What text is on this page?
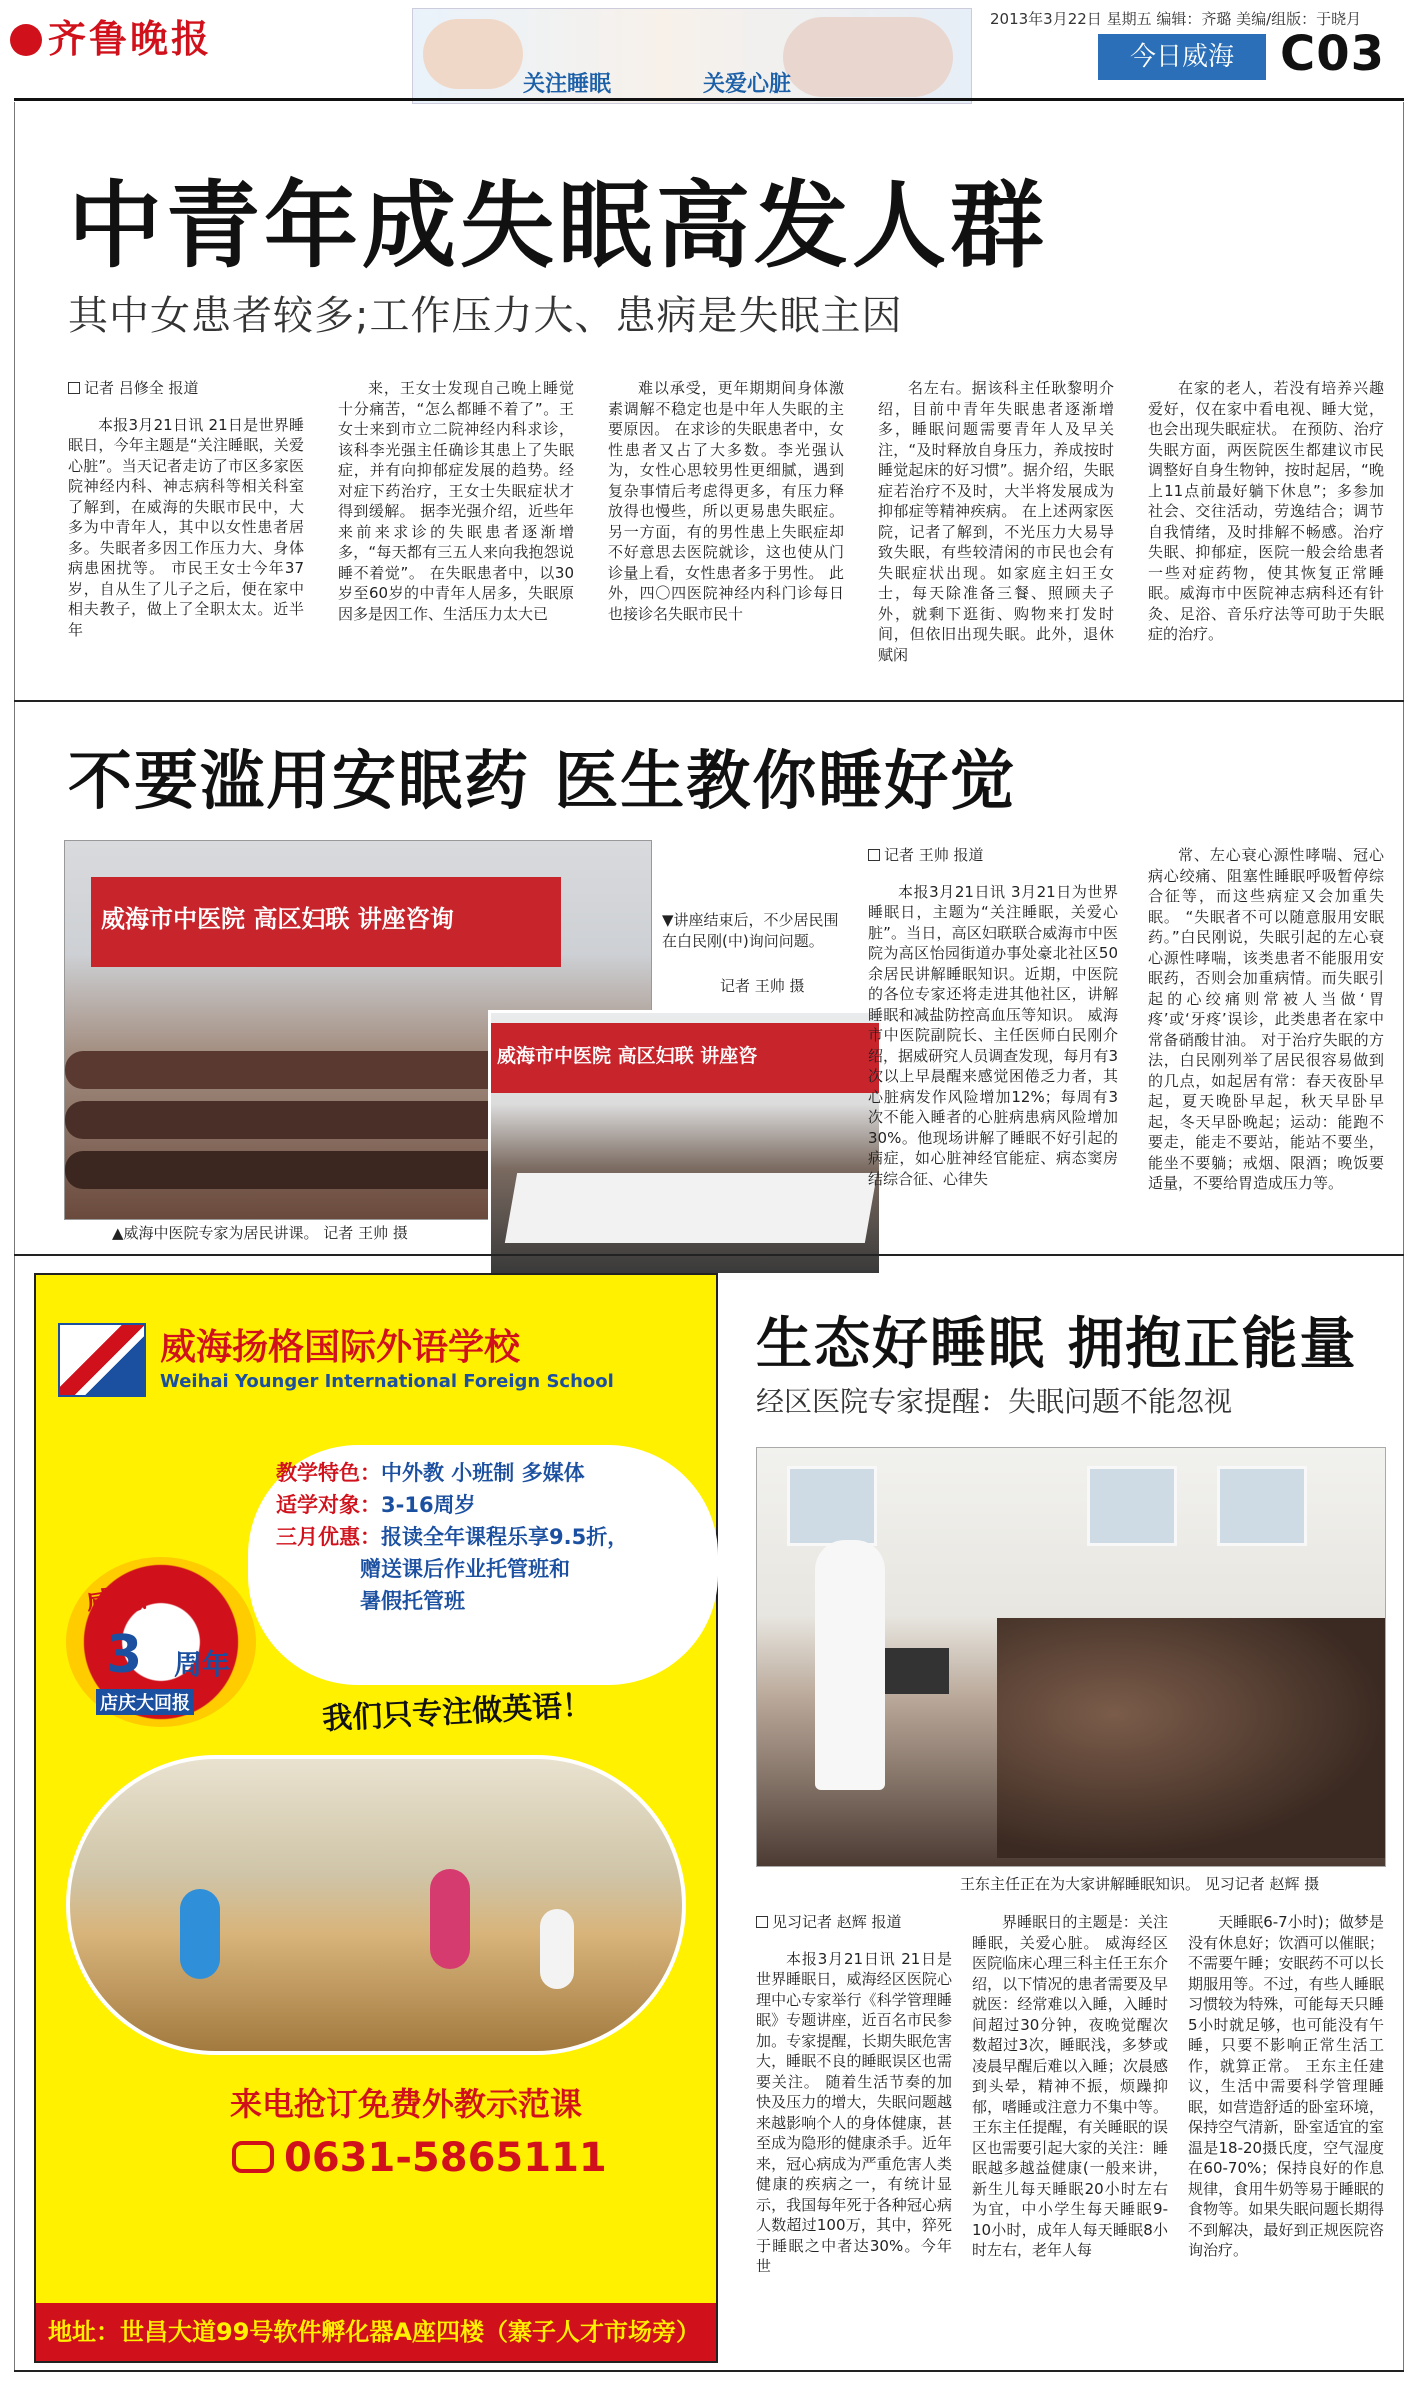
齐鲁晚报
关注睡眠	关爱心脏
2013年3月22日 星期五 编辑：齐璐 美编/组版：于晓月
今日威海 C03
中青年成失眠高发人群
其中女患者较多;工作压力大、患病是失眠主因
记者 吕修全 报道

本报3月21日讯 21日是世界睡眠日，今年主题是“关注睡眠，关爱心脏”。当天记者走访了市区多家医院神经内科、神志病科等相关科室了解到，在威海的失眠市民中，大多为中青年人，其中以女性患者居多。失眠者多因工作压力大、身体病患困扰等。 市民王女士今年37岁，自从生了儿子之后，便在家中相夫教子，做上了全职太太。近半年

来，王女士发现自己晚上睡觉十分痛苦，“怎么都睡不着了”。王女士来到市立二院神经内科求诊，该科李光强主任确诊其患上了失眠症，并有向抑郁症发展的趋势。经对症下药治疗，王女士失眠症状才得到缓解。 据李光强介绍，近些年来前来求诊的失眠患者逐渐增多，“每天都有三五人来向我抱怨说睡不着觉”。 在失眠患者中，以30岁至60岁的中青年人居多，失眠原因多是因工作、生活压力太大已

难以承受，更年期期间身体激素调解不稳定也是中年人失眠的主要原因。 在求诊的失眠患者中，女性患者又占了大多数。李光强认为，女性心思较男性更细腻，遇到复杂事情后考虑得更多，有压力释放得也慢些，所以更易患失眠症。另一方面，有的男性患上失眠症却不好意思去医院就诊，这也使从门诊量上看，女性患者多于男性。 此外，四〇四医院神经内科门诊每日也接诊名失眠市民十

名左右。据该科主任耿黎明介绍，目前中青年失眠患者逐渐增多，睡眠问题需要青年人及早关注，“及时释放自身压力，养成按时睡觉起床的好习惯”。据介绍，失眠症若治疗不及时，大半将发展成为抑郁症等精神疾病。 在上述两家医院，记者了解到，不光压力大易导致失眠，有些较清闲的市民也会有失眠症状出现。如家庭主妇王女士，每天除准备三餐、照顾夫子外，就剩下逛街、购物来打发时间，但依旧出现失眠。此外，退休赋闲

在家的老人，若没有培养兴趣爱好，仅在家中看电视、睡大觉，也会出现失眠症状。 在预防、治疗失眠方面，两医院医生都建议市民调整好自身生物钟，按时起居，“晚上11点前最好躺下休息”；多参加社会、交往活动，劳逸结合；调节自我情绪，及时排解不畅感。治疗失眠、抑郁症，医院一般会给患者一些对症药物，使其恢复正常睡眠。威海市中医院神志病科还有针灸、足浴、音乐疗法等可助于失眠症的治疗。

不要滥用安眠药 医生教你睡好觉
威海市中医院 高区妇联 讲座咨询
威海市中医院 高区妇联 讲座咨
▼讲座结束后，不少居民围在白民刚(中)询问问题。
记者 王帅 摄
▲威海中医院专家为居民讲课。 记者 王帅 摄
记者 王帅 报道

本报3月21日讯 3月21日为世界睡眠日，主题为“关注睡眠，关爱心脏”。当日，高区妇联联合威海市中医院为高区怡园街道办事处豪北社区50余居民讲解睡眠知识。近期，中医院的各位专家还将走进其他社区，讲解睡眠和减盐防控高血压等知识。 威海市中医院副院长、主任医师白民刚介绍，据威研究人员调查发现，每月有3次以上早晨醒来感觉困倦乏力者，其心脏病发作风险增加12%；每周有3次不能入睡者的心脏病患病风险增加30%。他现场讲解了睡眠不好引起的病症，如心脏神经官能症、病态窦房结综合征、心律失

常、左心衰心源性哮喘、冠心病心绞痛、阻塞性睡眠呼吸暂停综合征等，而这些病症又会加重失眠。 “失眠者不可以随意服用安眠药。”白民刚说，失眠引起的左心衰心源性哮喘，该类患者不能服用安眠药，否则会加重病情。而失眠引起的心绞痛则常被人当做‘胃疼’或‘牙疼’误诊，此类患者在家中常备硝酸甘油。 对于治疗失眠的方法，白民刚列举了居民很容易做到的几点，如起居有常：春天夜卧早起，夏天晚卧早起，秋天早卧早起，冬天早卧晚起；运动：能跑不要走，能走不要站，能站不要坐，能坐不要躺；戒烟、限酒；晚饭要适量，不要给胃造成压力等。

威海扬格国际外语学校
Weihai Younger International Foreign School
教学特色：中外教 小班制 多媒体
适学对象：3-16周岁
三月优惠：报读全年课程乐享9.5折，
赠送课后作业托管班和
暑假托管班
感恩
3 周年
店庆大回报	我们只专注做英语！
来电抢订免费外教示范课
0631-5865111
地址：世昌大道99号软件孵化器A座四楼（寨子人才市场旁）
生态好睡眠 拥抱正能量
经区医院专家提醒：失眠问题不能忽视
王东主任正在为大家讲解睡眠知识。 见习记者 赵辉 摄
见习记者 赵辉 报道

本报3月21日讯 21日是世界睡眠日，威海经区医院心理中心专家举行《科学管理睡眠》专题讲座，近百名市民参加。专家提醒，长期失眠危害大，睡眠不良的睡眠误区也需要关注。 随着生活节奏的加快及压力的增大，失眠问题越来越影响个人的身体健康，甚至成为隐形的健康杀手。近年来，冠心病成为严重危害人类健康的疾病之一，有统计显示，我国每年死于各种冠心病人数超过100万，其中，猝死于睡眠之中者达30%。今年世

界睡眠日的主题是：关注睡眠，关爱心脏。 威海经区医院临床心理三科主任王东介绍，以下情况的患者需要及早就医：经常难以入睡，入睡时间超过30分钟，夜晚觉醒次数超过3次，睡眠浅，多梦或凌晨早醒后难以入睡；次晨感到头晕，精神不振，烦躁抑郁，嗜睡或注意力不集中等。 王东主任提醒，有关睡眠的误区也需要引起大家的关注：睡眠越多越益健康(一般来讲，新生儿每天睡眠20小时左右为宜，中小学生每天睡眠9-10小时，成年人每天睡眠8小时左右，老年人每

天睡眠6-7小时)；做梦是没有休息好；饮酒可以催眠；不需要午睡；安眠药不可以长期服用等。不过，有些人睡眠习惯较为特殊，可能每天只睡5小时就足够，也可能没有午睡，只要不影响正常生活工作，就算正常。 王东主任建议，生活中需要科学管理睡眠，如营造舒适的卧室环境，保持空气清新，卧室适宜的室温是18-20摄氏度，空气湿度在60-70%；保持良好的作息规律，食用牛奶等易于睡眠的食物等。如果失眠问题长期得不到解决，最好到正规医院咨询治疗。
